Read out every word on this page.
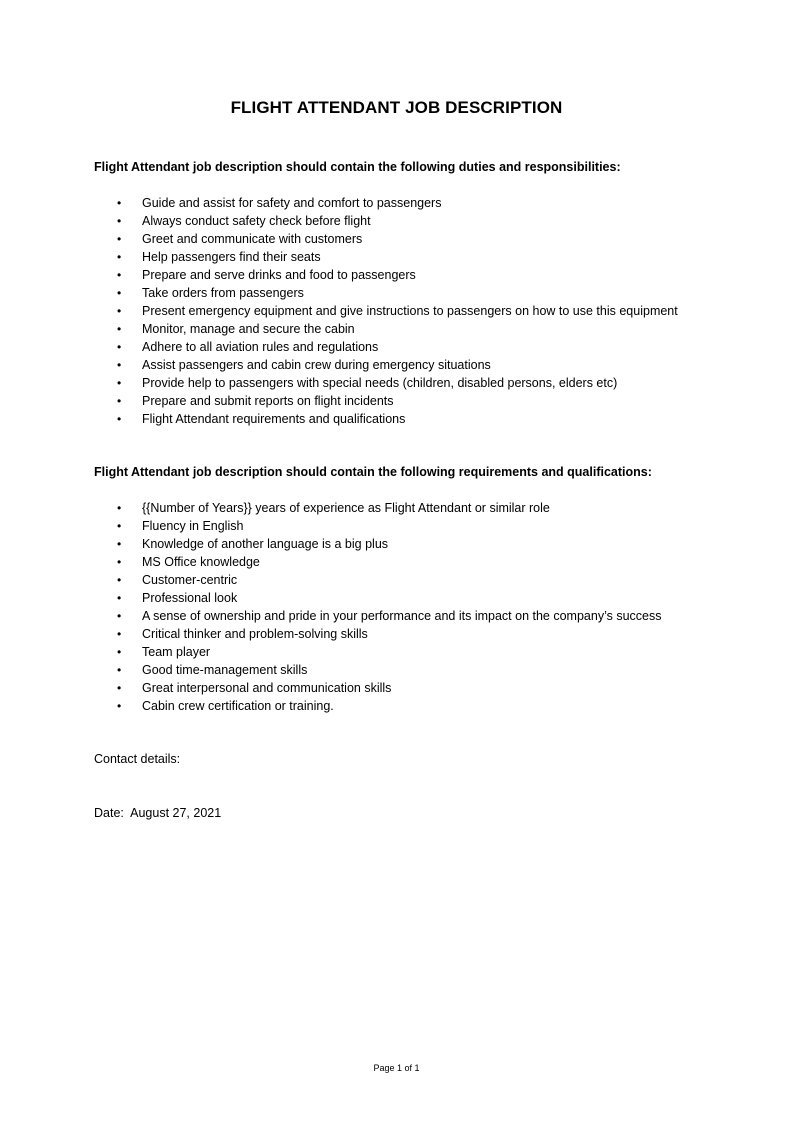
FLIGHT ATTENDANT JOB DESCRIPTION
Flight Attendant job description should contain the following duties and responsibilities:
•	Guide and assist for safety and comfort to passengers
•	Always conduct safety check before flight
•	Greet and communicate with customers
•	Help passengers find their seats
•	Prepare and serve drinks and food to passengers
•	Take orders from passengers
•	Present emergency equipment and give instructions to passengers on how to use this equipment
•	Monitor, manage and secure the cabin
•	Adhere to all aviation rules and regulations
•	Assist passengers and cabin crew during emergency situations
•	Provide help to passengers with special needs (children, disabled persons, elders etc)
•	Prepare and submit reports on flight incidents
•	Flight Attendant requirements and qualifications
Flight Attendant job description should contain the following requirements and qualifications:
•	{{Number of Years}} years of experience as Flight Attendant or similar role
•	Fluency in English
•	Knowledge of another language is a big plus
•	MS Office knowledge
•	Customer-centric
•	Professional look
•	A sense of ownership and pride in your performance and its impact on the company’s success
•	Critical thinker and problem-solving skills
•	Team player
•	Good time-management skills
•	Great interpersonal and communication skills
•	Cabin crew certification or training.
Contact details:
Date:  August 27, 2021
Page 1 of 1
